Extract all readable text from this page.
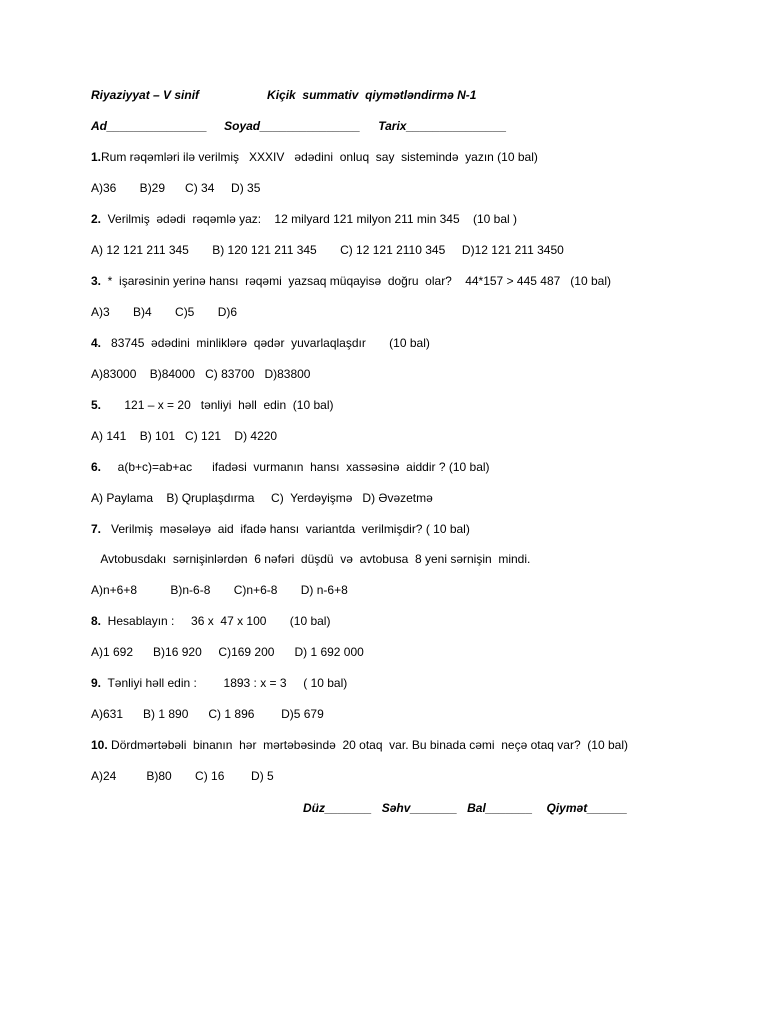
Riyaziyyat – V sinif	Kiçik  summativ  qiymətləndirmə N-1
Ad_______________ Soyad_______________ Tarix_______________
1.Rum rəqəmləri ilə verilmiş   XXXIV   ədədini  onluq  say  sistemində  yazın (10 bal)
A)36       B)29      C) 34     D) 35
2.  Verilmiş  ədədi  rəqəmlə yaz:    12 milyard 121 milyon 211 min 345    (10 bal )
A) 12 121 211 345       B) 120 121 211 345       C) 12 121 2110 345     D)12 121 211 3450
3.  *  işarəsinin yerinə hansı  rəqəmi  yazsaq müqayisə  doğru  olar?    44*157 > 445 487   (10 bal)
A)3       B)4       C)5       D)6
4.   83745  ədədini  minliklərə  qədər  yuvarlaqlaşdır       (10 bal)
A)83000    B)84000   C) 83700   D)83800
5.       121 – x = 20   tənliyi  həll  edin  (10 bal)
A) 141    B) 101   C) 121    D) 4220
6.     a(b+c)=ab+ac      ifadəsi  vurmanın  hansı  xassəsinə  aiddir ? (10 bal)
A) Paylama    B) Qruplaşdırma     C)  Yerdəyişmə   D) Əvəzetmə
7.   Verilmiş  məsələyə  aid  ifadə hansı  variantda  verilmişdir? ( 10 bal)
Avtobusdakı  sərnişinlərdən  6 nəfəri  düşdü  və  avtobusa  8 yeni sərnişin  mindi.
A)n+6+8          B)n-6-8       C)n+6-8       D) n-6+8
8.  Hesablayın :     36 x  47 x 100       (10 bal)
A)1 692      B)16 920     C)169 200      D) 1 692 000
9.  Tənliyi həll edin :        1893 : x = 3     ( 10 bal)
A)631      B) 1 890      C) 1 896        D)5 679
10. Dördmərtəbəli  binanın  hər  mərtəbəsində  20 otaq  var. Bu binada cəmi  neçə otaq var?  (10 bal)
A)24         B)80       C) 16        D) 5
Düz_______ Səhv_______ Bal_______ Qiymət______
